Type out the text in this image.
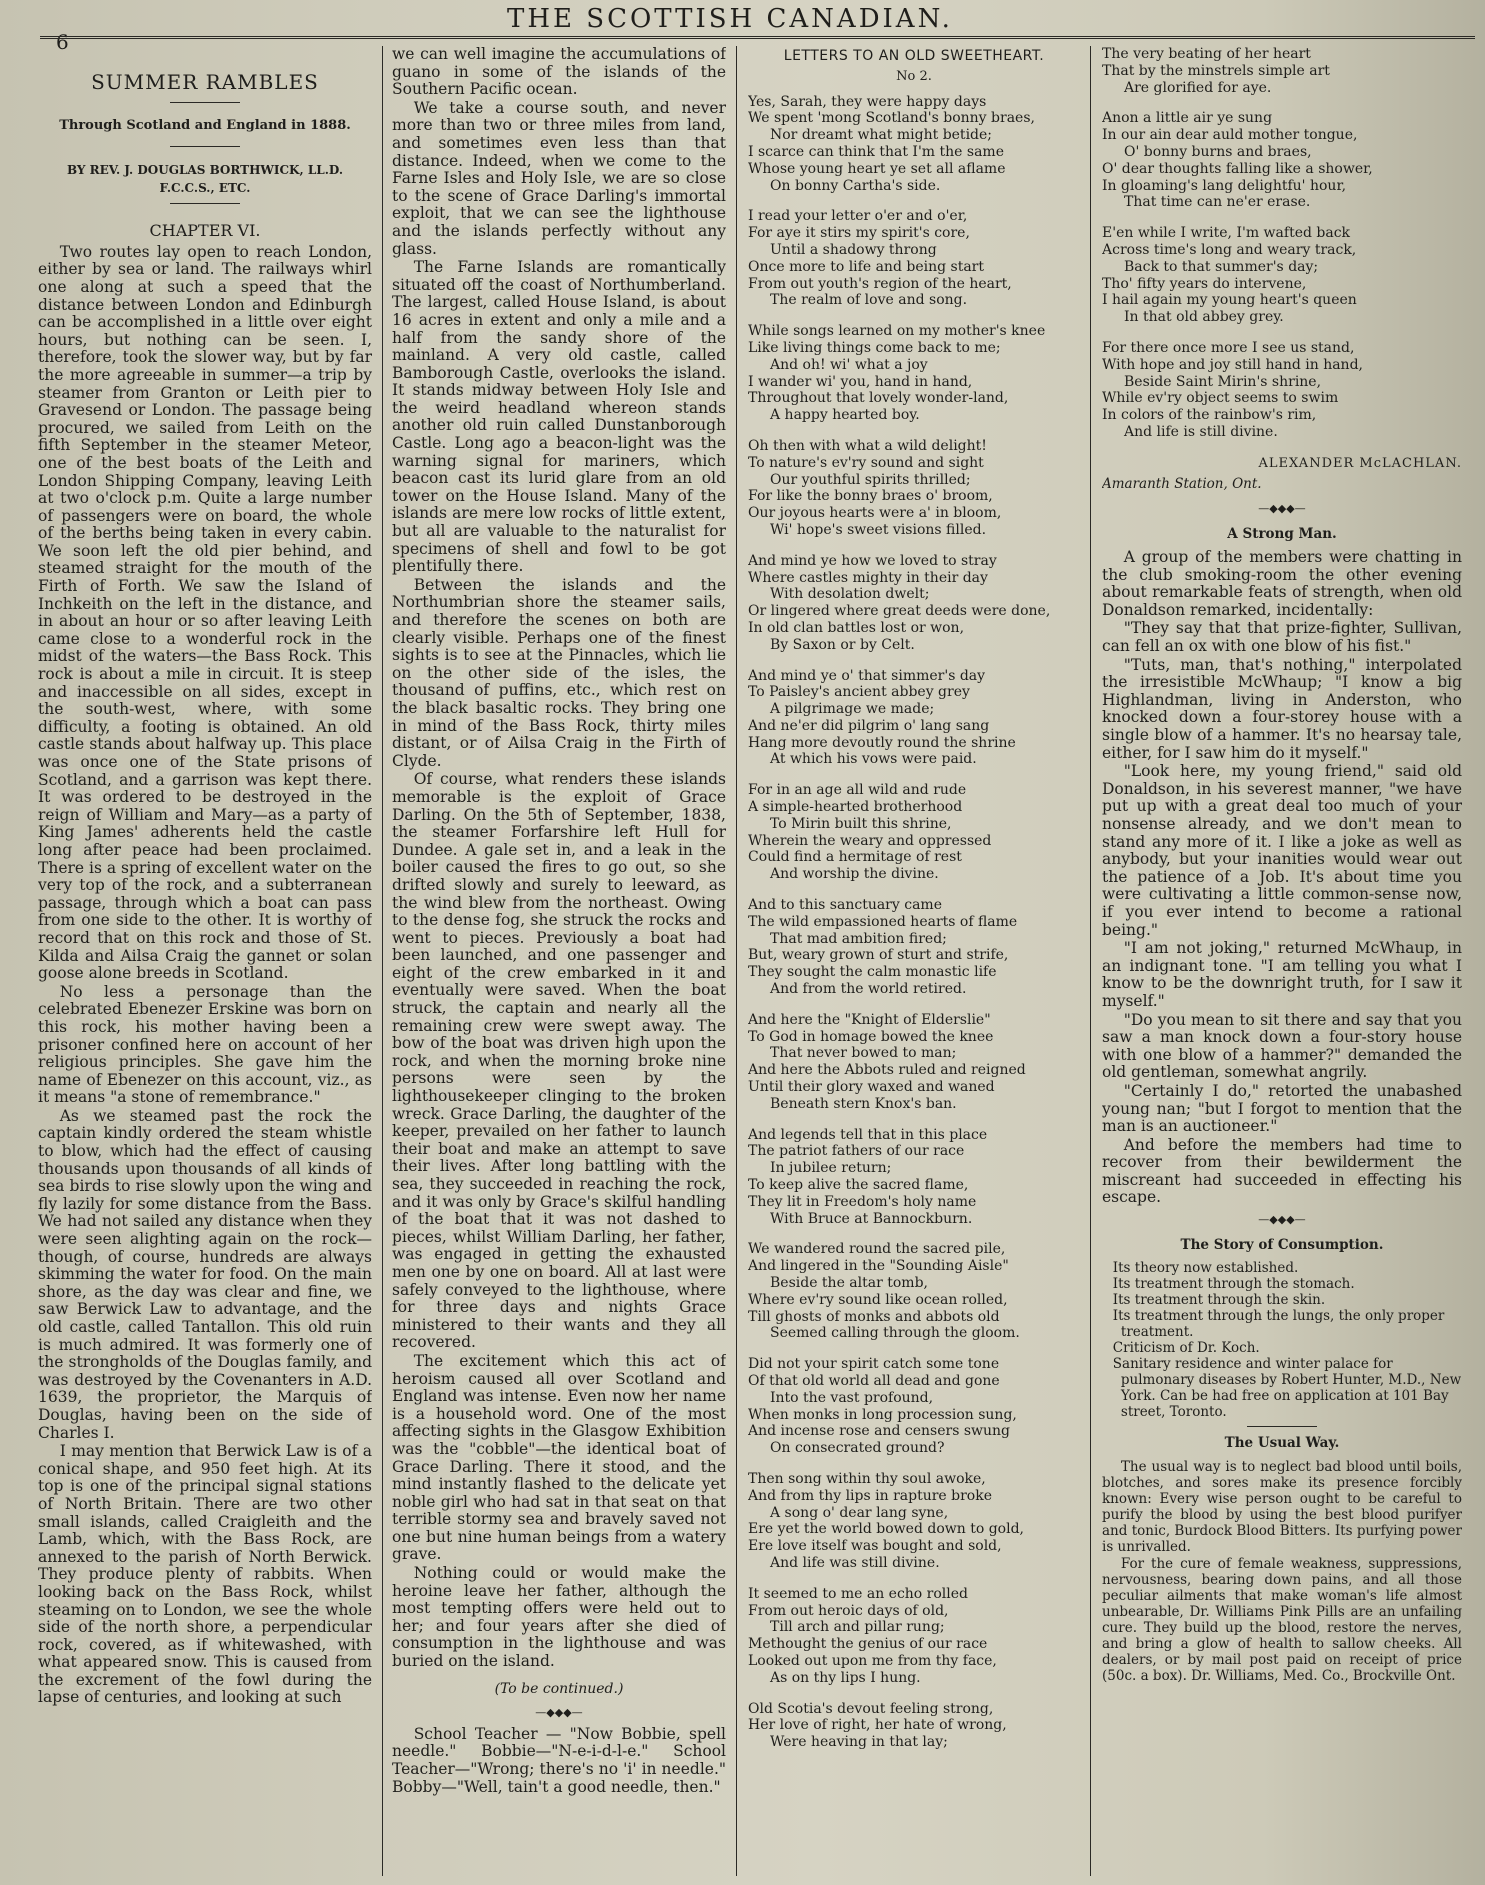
6
THE SCOTTISH CANADIAN.
SUMMER RAMBLES
Through Scotland and England in 1888.
BY REV. J. DOUGLAS BORTHWICK, LL.D.
F.C.C.S., ETC.
CHAPTER VI.

Two routes lay open to reach London, either by sea or land. The railways whirl one along at such a speed that the distance between London and Edinburgh can be accomplished in a little over eight hours, but nothing can be seen. I, therefore, took the slower way, but by far the more agreeable in summer—a trip by steamer from Granton or Leith pier to Gravesend or London. The passage being procured, we sailed from Leith on the fifth September in the steamer Meteor, one of the best boats of the Leith and London Shipping Company, leaving Leith at two o'clock p.m. Quite a large number of passengers were on board, the whole of the berths being taken in every cabin. We soon left the old pier behind, and steamed straight for the mouth of the Firth of Forth. We saw the Island of Inchkeith on the left in the distance, and in about an hour or so after leaving Leith came close to a wonderful rock in the midst of the waters—the Bass Rock. This rock is about a mile in circuit. It is steep and inaccessible on all sides, except in the south-west, where, with some difficulty, a footing is obtained. An old castle stands about halfway up. This place was once one of the State prisons of Scotland, and a garrison was kept there. It was ordered to be destroyed in the reign of William and Mary—as a party of King James' adherents held the castle long after peace had been proclaimed. There is a spring of excellent water on the very top of the rock, and a subterranean passage, through which a boat can pass from one side to the other. It is worthy of record that on this rock and those of St. Kilda and Ailsa Craig the gannet or solan goose alone breeds in Scotland.

No less a personage than the celebrated Ebenezer Erskine was born on this rock, his mother having been a prisoner confined here on account of her religious principles. She gave him the name of Ebenezer on this account, viz., as it means "a stone of remembrance."

As we steamed past the rock the captain kindly ordered the steam whistle to blow, which had the effect of causing thousands upon thousands of all kinds of sea birds to rise slowly upon the wing and fly lazily for some distance from the Bass. We had not sailed any distance when they were seen alighting again on the rock—though, of course, hundreds are always skimming the water for food. On the main shore, as the day was clear and fine, we saw Berwick Law to advantage, and the old castle, called Tantallon. This old ruin is much admired. It was formerly one of the strongholds of the Douglas family, and was destroyed by the Covenanters in A.D. 1639, the proprietor, the Marquis of Douglas, having been on the side of Charles I.

I may mention that Berwick Law is of a conical shape, and 950 feet high. At its top is one of the principal signal stations of North Britain. There are two other small islands, called Craigleith and the Lamb, which, with the Bass Rock, are annexed to the parish of North Berwick. They produce plenty of rabbits. When looking back on the Bass Rock, whilst steaming on to London, we see the whole side of the north shore, a perpendicular rock, covered, as if whitewashed, with what appeared snow. This is caused from the excrement of the fowl during the lapse of centuries, and looking at such

we can well imagine the accumulations of guano in some of the islands of the Southern Pacific ocean.

We take a course south, and never more than two or three miles from land, and sometimes even less than that distance. Indeed, when we come to the Farne Isles and Holy Isle, we are so close to the scene of Grace Darling's immortal exploit, that we can see the lighthouse and the islands perfectly without any glass.

The Farne Islands are romantically situated off the coast of Northumberland. The largest, called House Island, is about 16 acres in extent and only a mile and a half from the sandy shore of the mainland. A very old castle, called Bamborough Castle, overlooks the island. It stands midway between Holy Isle and the weird headland whereon stands another old ruin called Dunstanborough Castle. Long ago a beacon-light was the warning signal for mariners, which beacon cast its lurid glare from an old tower on the House Island. Many of the islands are mere low rocks of little extent, but all are valuable to the naturalist for specimens of shell and fowl to be got plentifully there.

Between the islands and the Northumbrian shore the steamer sails, and therefore the scenes on both are clearly visible. Perhaps one of the finest sights is to see at the Pinnacles, which lie on the other side of the isles, the thousand of puffins, etc., which rest on the black basaltic rocks. They bring one in mind of the Bass Rock, thirty miles distant, or of Ailsa Craig in the Firth of Clyde.

Of course, what renders these islands memorable is the exploit of Grace Darling. On the 5th of September, 1838, the steamer Forfarshire left Hull for Dundee. A gale set in, and a leak in the boiler caused the fires to go out, so she drifted slowly and surely to leeward, as the wind blew from the northeast. Owing to the dense fog, she struck the rocks and went to pieces. Previously a boat had been launched, and one passenger and eight of the crew embarked in it and eventually were saved. When the boat struck, the captain and nearly all the remaining crew were swept away. The bow of the boat was driven high upon the rock, and when the morning broke nine persons were seen by the lighthousekeeper clinging to the broken wreck. Grace Darling, the daughter of the keeper, prevailed on her father to launch their boat and make an attempt to save their lives. After long battling with the sea, they succeeded in reaching the rock, and it was only by Grace's skilful handling of the boat that it was not dashed to pieces, whilst William Darling, her father, was engaged in getting the exhausted men one by one on board. All at last were safely conveyed to the lighthouse, where for three days and nights Grace ministered to their wants and they all recovered.

The excitement which this act of heroism caused all over Scotland and England was intense. Even now her name is a household word. One of the most affecting sights in the Glasgow Exhibition was the "cobble"—the identical boat of Grace Darling. There it stood, and the mind instantly flashed to the delicate yet noble girl who had sat in that seat on that terrible stormy sea and bravely saved not one but nine human beings from a watery grave.

Nothing could or would make the heroine leave her father, although the most tempting offers were held out to her; and four years after she died of consumption in the lighthouse and was buried on the island.

(To be continued.)
—◆◆◆—

School Teacher — "Now Bobbie, spell needle." Bobbie—"N-e-i-d-l-e." School Teacher—"Wrong; there's no 'i' in needle." Bobby—"Well, tain't a good needle, then."

LETTERS TO AN OLD SWEETHEART.
No 2.
Yes, Sarah, they were happy days
We spent 'mong Scotland's bonny braes,
Nor dreamt what might betide;
I scarce can think that I'm the same
Whose young heart ye set all aflame
On bonny Cartha's side.
I read your letter o'er and o'er,
For aye it stirs my spirit's core,
Until a shadowy throng
Once more to life and being start
From out youth's region of the heart,
The realm of love and song.
While songs learned on my mother's knee
Like living things come back to me;
And oh! wi' what a joy
I wander wi' you, hand in hand,
Throughout that lovely wonder-land,
A happy hearted boy.
Oh then with what a wild delight!
To nature's ev'ry sound and sight
Our youthful spirits thrilled;
For like the bonny braes o' broom,
Our joyous hearts were a' in bloom,
Wi' hope's sweet visions filled.
And mind ye how we loved to stray
Where castles mighty in their day
With desolation dwelt;
Or lingered where great deeds were done,
In old clan battles lost or won,
By Saxon or by Celt.
And mind ye o' that simmer's day
To Paisley's ancient abbey grey
A pilgrimage we made;
And ne'er did pilgrim o' lang sang
Hang more devoutly round the shrine
At which his vows were paid.
For in an age all wild and rude
A simple-hearted brotherhood
To Mirin built this shrine,
Wherein the weary and oppressed
Could find a hermitage of rest
And worship the divine.
And to this sanctuary came
The wild empassioned hearts of flame
That mad ambition fired;
But, weary grown of sturt and strife,
They sought the calm monastic life
And from the world retired.
And here the "Knight of Elderslie"
To God in homage bowed the knee
That never bowed to man;
And here the Abbots ruled and reigned
Until their glory waxed and waned
Beneath stern Knox's ban.
And legends tell that in this place
The patriot fathers of our race
In jubilee return;
To keep alive the sacred flame,
They lit in Freedom's holy name
With Bruce at Bannockburn.
We wandered round the sacred pile,
And lingered in the "Sounding Aisle"
Beside the altar tomb,
Where ev'ry sound like ocean rolled,
Till ghosts of monks and abbots old
Seemed calling through the gloom.
Did not your spirit catch some tone
Of that old world all dead and gone
Into the vast profound,
When monks in long procession sung,
And incense rose and censers swung
On consecrated ground?
Then song within thy soul awoke,
And from thy lips in rapture broke
A song o' dear lang syne,
Ere yet the world bowed down to gold,
Ere love itself was bought and sold,
And life was still divine.
It seemed to me an echo rolled
From out heroic days of old,
Till arch and pillar rung;
Methought the genius of our race
Looked out upon me from thy face,
As on thy lips I hung.
Old Scotia's devout feeling strong,
Her love of right, her hate of wrong,
Were heaving in that lay;
The very beating of her heart
That by the minstrels simple art
Are glorified for aye.
Anon a little air ye sung
In our ain dear auld mother tongue,
O' bonny burns and braes,
O' dear thoughts falling like a shower,
In gloaming's lang delightfu' hour,
That time can ne'er erase.
E'en while I write, I'm wafted back
Across time's long and weary track,
Back to that summer's day;
Tho' fifty years do intervene,
I hail again my young heart's queen
In that old abbey grey.
For there once more I see us stand,
With hope and joy still hand in hand,
Beside Saint Mirin's shrine,
While ev'ry object seems to swim
In colors of the rainbow's rim,
And life is still divine.
ALEXANDER McLACHLAN.
Amaranth Station, Ont.
—◆◆◆—
A Strong Man.

A group of the members were chatting in the club smoking-room the other evening about remarkable feats of strength, when old Donaldson remarked, incidentally:

"They say that that prize-fighter, Sullivan, can fell an ox with one blow of his fist."

"Tuts, man, that's nothing," interpolated the irresistible McWhaup; "I know a big Highlandman, living in Anderston, who knocked down a four-storey house with a single blow of a hammer. It's no hearsay tale, either, for I saw him do it myself."

"Look here, my young friend," said old Donaldson, in his severest manner, "we have put up with a great deal too much of your nonsense already, and we don't mean to stand any more of it. I like a joke as well as anybody, but your inanities would wear out the patience of a Job. It's about time you were cultivating a little common-sense now, if you ever intend to become a rational being."

"I am not joking," returned McWhaup, in an indignant tone. "I am telling you what I know to be the downright truth, for I saw it myself."

"Do you mean to sit there and say that you saw a man knock down a four-story house with one blow of a hammer?" demanded the old gentleman, somewhat angrily.

"Certainly I do," retorted the unabashed young nan; "but I forgot to mention that the man is an auctioneer."

And before the members had time to recover from their bewilderment the miscreant had succeeded in effecting his escape.

—◆◆◆—
The Story of Consumption.
Its theory now established.
Its treatment through the stomach.
Its treatment through the skin.
Its treatment through the lungs, the only proper treatment.
Criticism of Dr. Koch.
Sanitary residence and winter palace for pulmonary diseases by Robert Hunter, M.D., New York. Can be had free on application at 101 Bay street, Toronto.
The Usual Way.

The usual way is to neglect bad blood until boils, blotches, and sores make its presence forcibly known: Every wise person ought to be careful to purify the blood by using the best blood purifyer and tonic, Burdock Blood Bitters. Its purfying power is unrivalled.

For the cure of female weakness, suppressions, nervousness, bearing down pains, and all those peculiar ailments that make woman's life almost unbearable, Dr. Williams Pink Pills are an unfailing cure. They build up the blood, restore the nerves, and bring a glow of health to sallow cheeks. All dealers, or by mail post paid on receipt of price (50c. a box). Dr. Williams, Med. Co., Brockville Ont.
